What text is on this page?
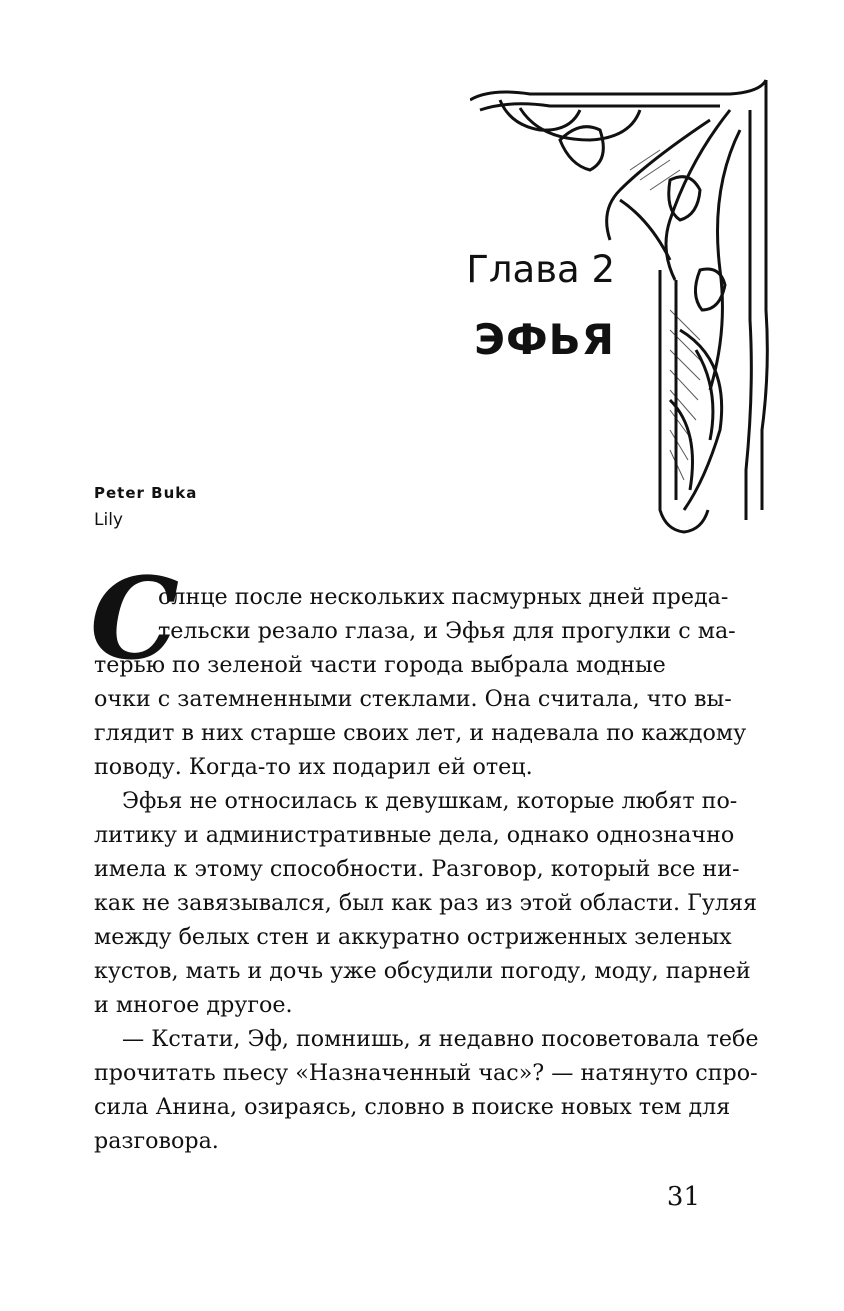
Глава 2
ЭФЬЯ
Peter Buka
Lily
С
олнце после нескольких пасмурных дней преда-
тельски резало глаза, и Эфья для прогулки с ма-
терью по зеленой части города выбрала модные
очки с затемненными стеклами. Она считала, что вы-
глядит в них старше своих лет, и надевала по каждому
поводу. Когда-то их подарил ей отец.
Эфья не относилась к девушкам, которые любят по-
литику и административные дела, однако однозначно
имела к этому способности. Разговор, который все ни-
как не завязывался, был как раз из этой области. Гуляя
между белых стен и аккуратно остриженных зеленых
кустов, мать и дочь уже обсудили погоду, моду, парней
и многое другое.
— Кстати, Эф, помнишь, я недавно посоветовала тебе
прочитать пьесу «Назначенный час»? — натянуто спро-
сила Анина, озираясь, словно в поиске новых тем для
разговора.
31
